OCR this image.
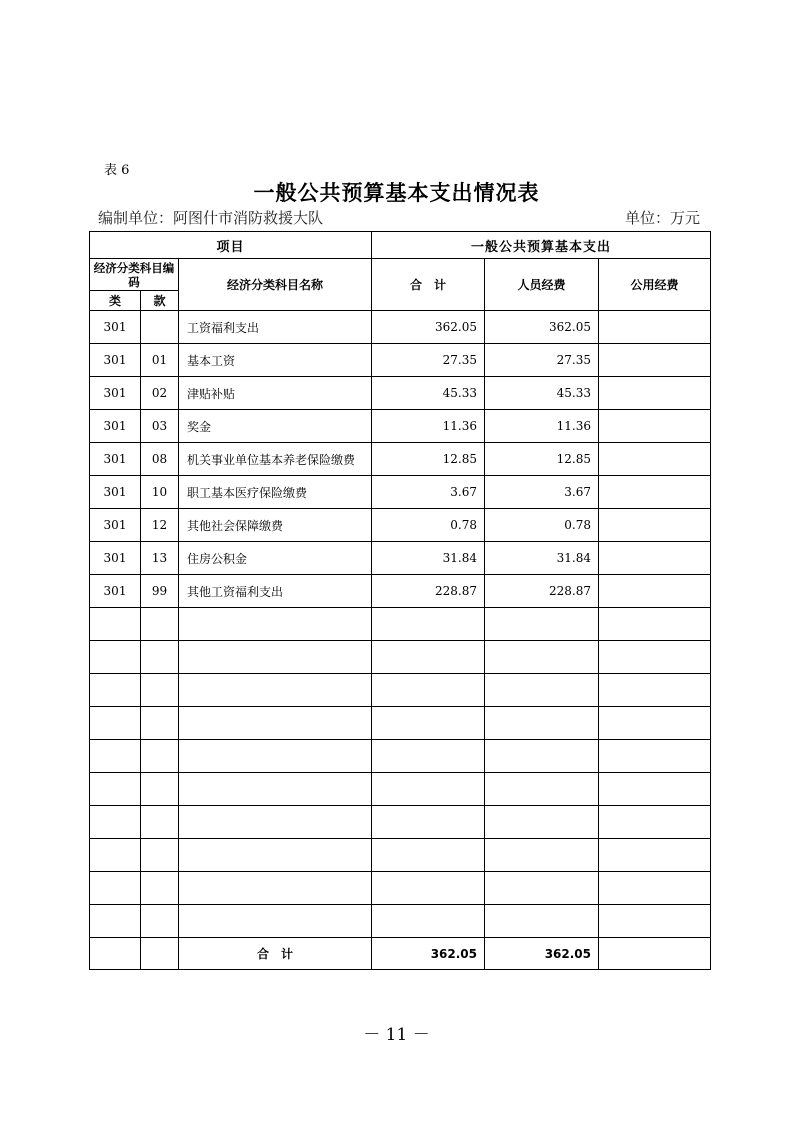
表 6
一般公共预算基本支出情况表
编制单位：阿图什市消防救援大队	单位：万元
项目			一般公共预算基本支出		
经济分类科目编码		经济分类科目名称	合　计	人员经费	公用经费
类	款				
301		工资福利支出	362.05	362.05	
301	01	基本工资	27.35	27.35	
301	02	津贴补贴	45.33	45.33	
301	03	奖金	11.36	11.36	
301	08	机关事业单位基本养老保险缴费	12.85	12.85	
301	10	职工基本医疗保险缴费	3.67	3.67	
301	12	其他社会保障缴费	0.78	0.78	
301	13	住房公积金	31.84	31.84	
301	99	其他工资福利支出	228.87	228.87	

		合　计	362.05	362.05	
－ 11 －
